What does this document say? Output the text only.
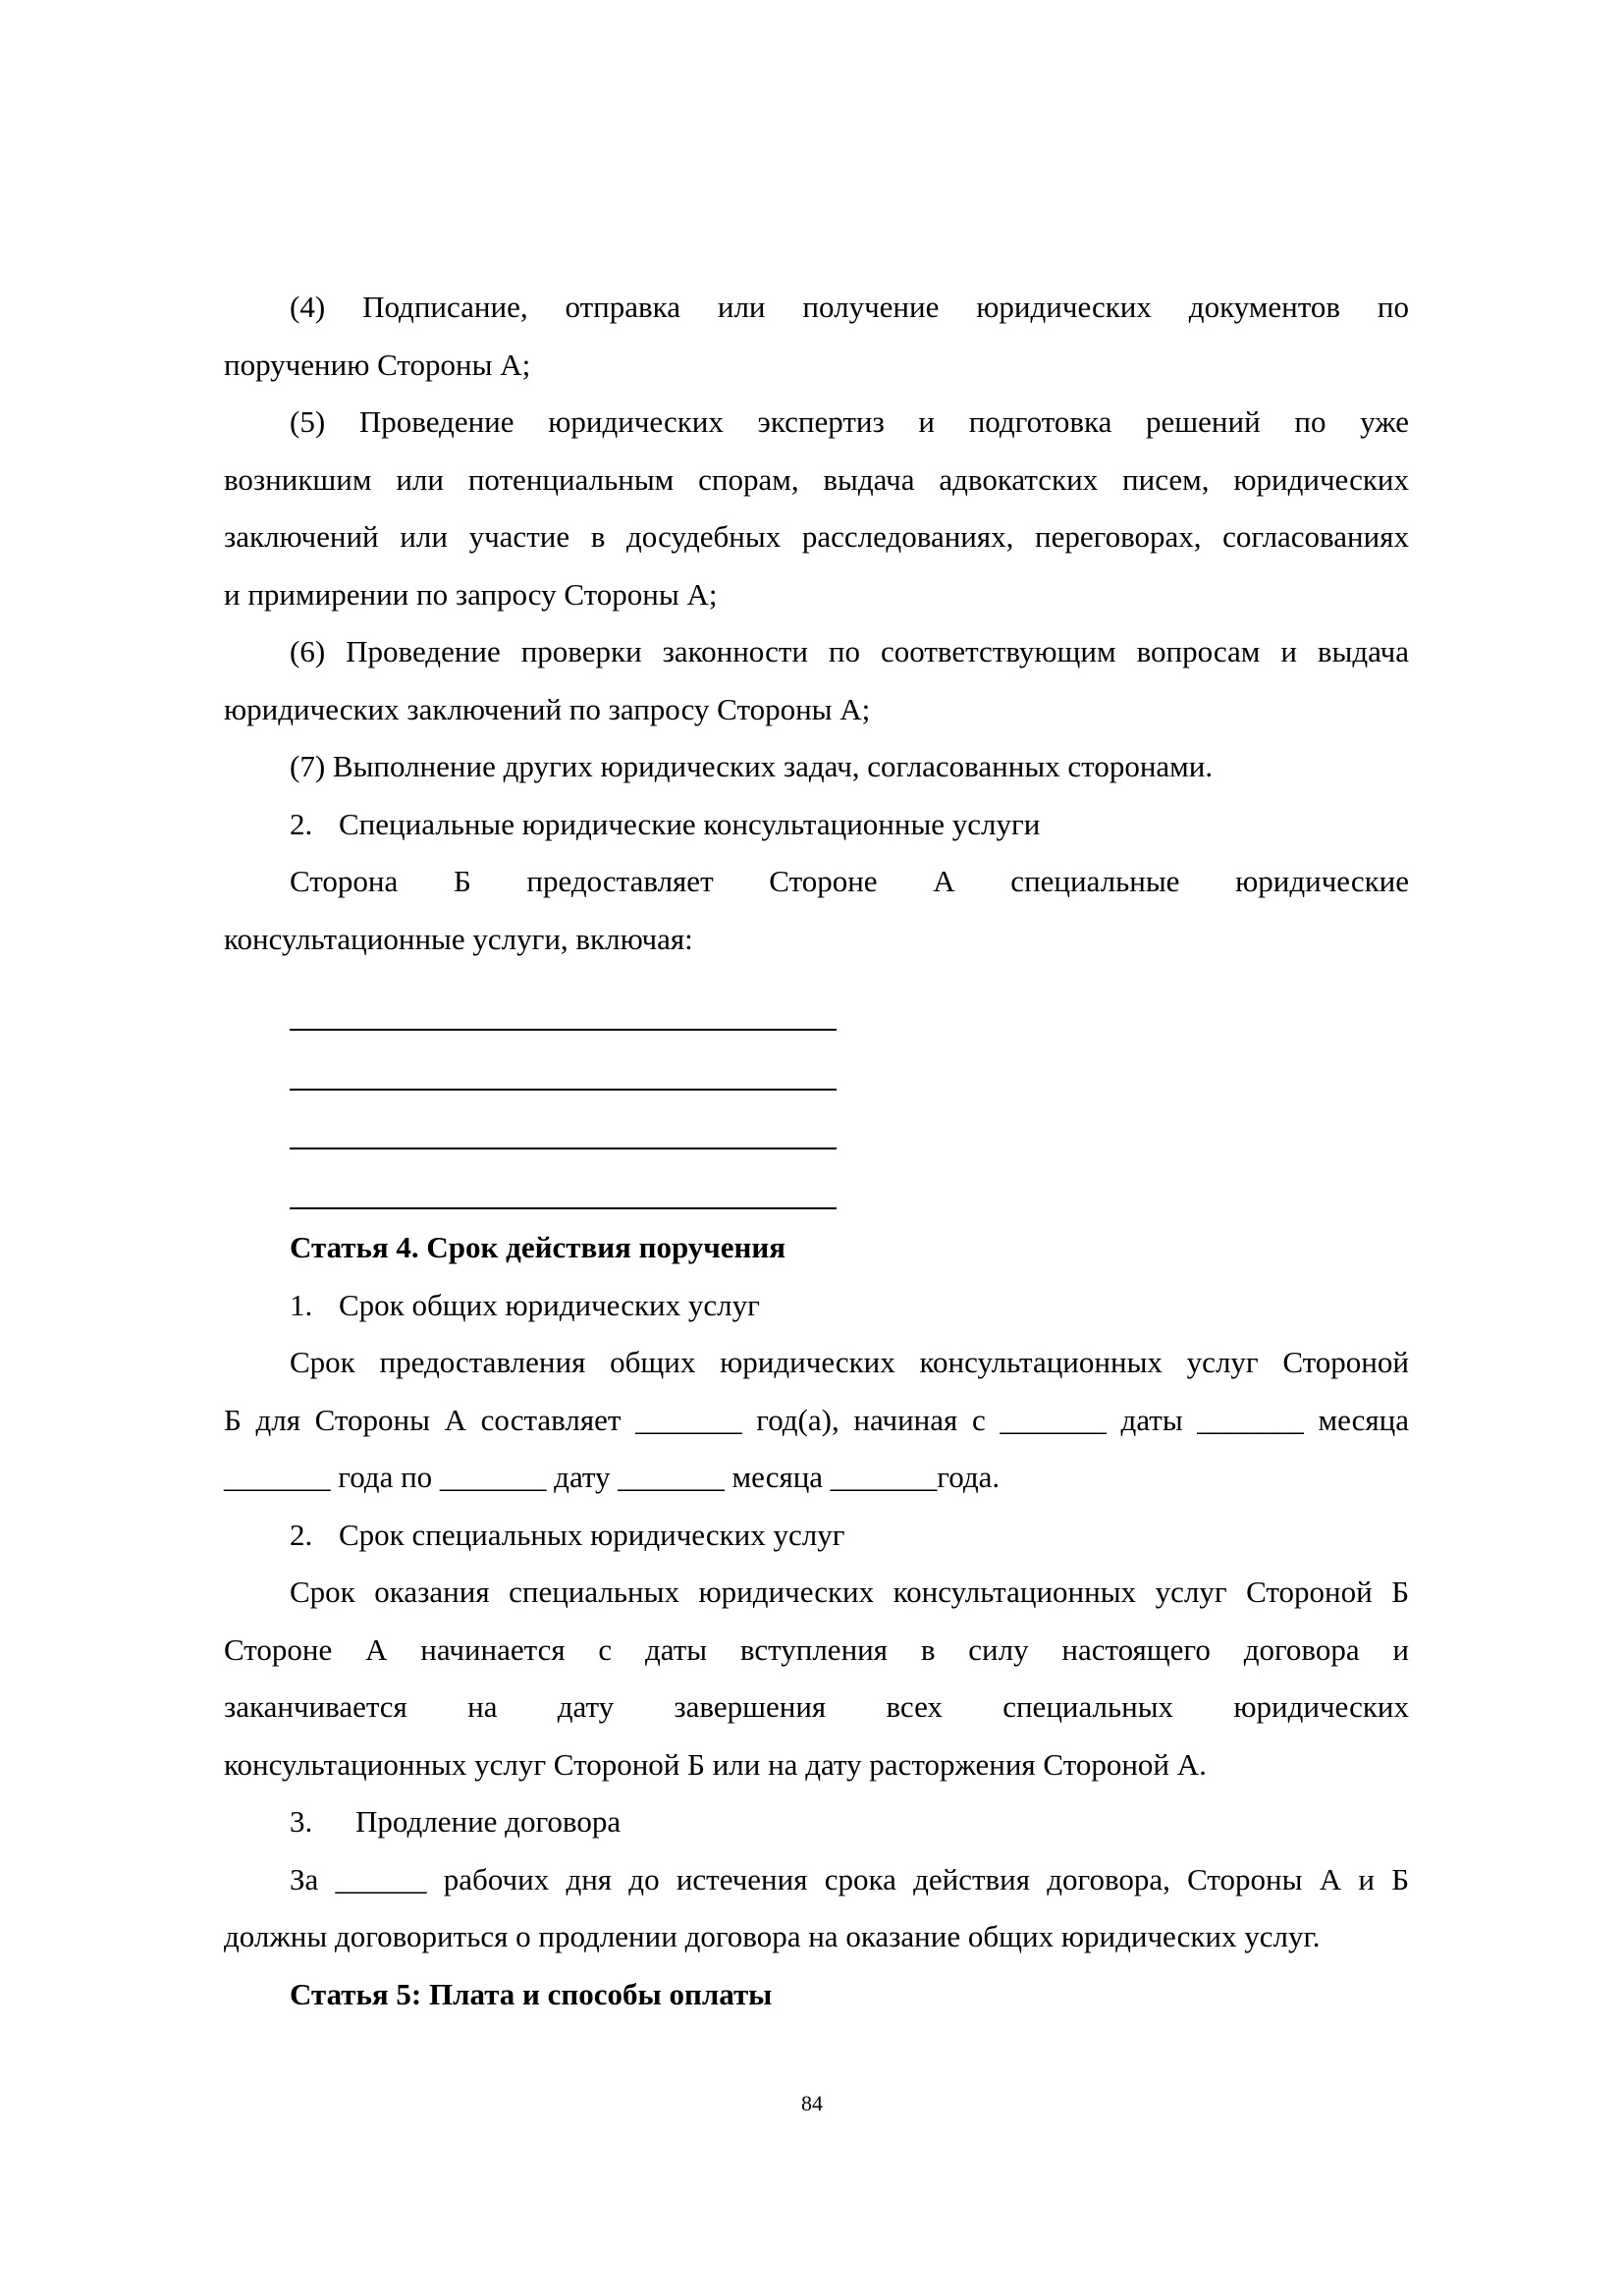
(4) Подписание, отправка или получение юридических документов по

поручению Стороны А;

(5) Проведение юридических экспертиз и подготовка решений по уже

возникшим или потенциальным спорам, выдача адвокатских писем, юридических

заключений или участие в досудебных расследованиях, переговорах, согласованиях

и примирении по запросу Стороны А;

(6) Проведение проверки законности по соответствующим вопросам и выдача

юридических заключений по запросу Стороны А;

(7) Выполнение других юридических задач, согласованных сторонами.

2. Специальные юридические консультационные услуги

Сторона Б предоставляет Стороне А специальные юридические

консультационные услуги, включая:

Статья 4. Срок действия поручения

1. Срок общих юридических услуг

Срок предоставления общих юридических консультационных услуг Стороной

Б для Стороны А составляет _______ год(а), начиная с _______ даты _______ месяца

_______ года по _______ дату _______ месяца _______года.

2. Срок специальных юридических услуг

Срок оказания специальных юридических консультационных услуг Стороной Б

Стороне А начинается с даты вступления в силу настоящего договора и

заканчивается на дату завершения всех специальных юридических

консультационных услуг Стороной Б или на дату расторжения Стороной А.

3. Продление договора

За ______ рабочих дня до истечения срока действия договора, Стороны А и Б

должны договориться о продлении договора на оказание общих юридических услуг.

Статья 5: Плата и способы оплаты

84
